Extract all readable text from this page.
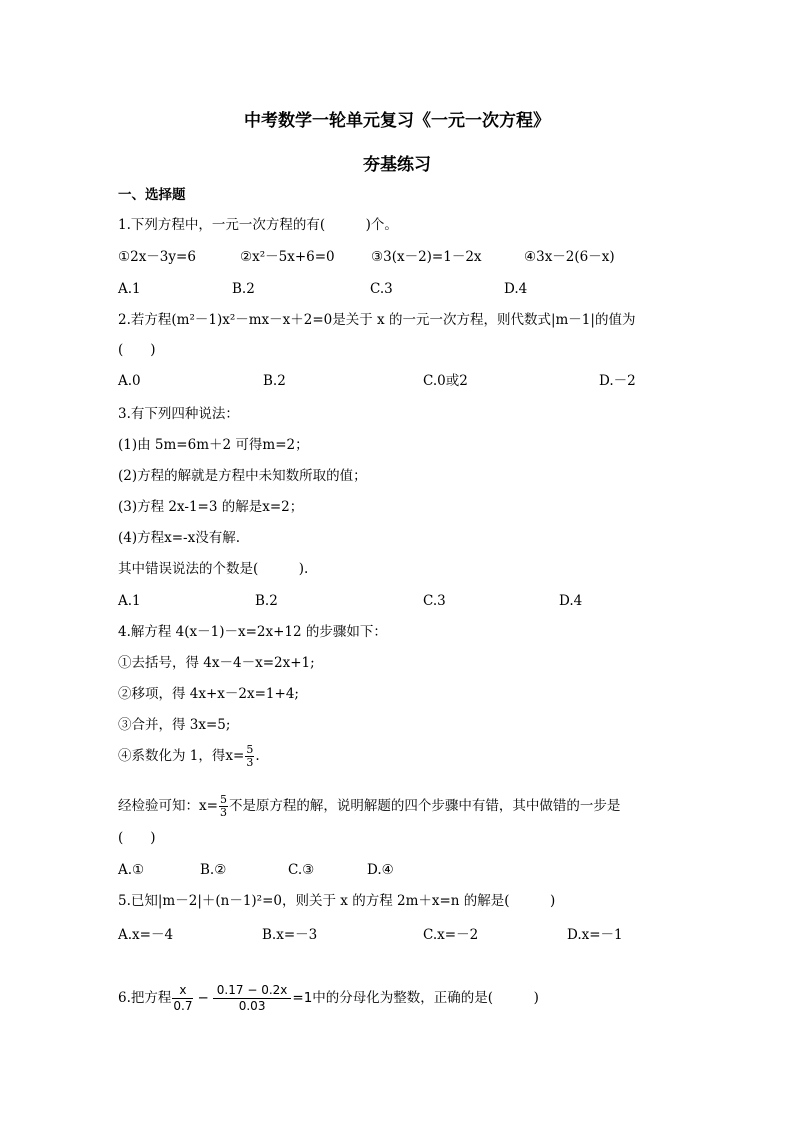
中考数学一轮单元复习《一元一次方程》
夯基练习
一、选择题
1.下列方程中，一元一次方程的有(　　　)个。
①2x－3y=6	②x²－5x+6=0	③3(x－2)=1－2x	④3x－2(6－x)
A.1	B.2	C.3	D.4
2.若方程(m²－1)x²－mx－x＋2=0是关于 x 的一元一次方程，则代数式|m－1|的值为
(　　)
A.0	B.2	C.0或2	D.－2
3.有下列四种说法：
(1)由 5m=6m＋2 可得m=2；
(2)方程的解就是方程中未知数所取的值；
(3)方程 2x-1=3 的解是x=2；
(4)方程x=-x没有解.
其中错误说法的个数是(　　　).
A.1	B.2	C.3	D.4
4.解方程 4(x－1)－x=2x+12 的步骤如下：
①去括号，得 4x－4－x=2x+1;
②移项，得 4x+x－2x=1+4;
③合并，得 3x=5;
④系数化为 1，得$x= \frac{5}{3}$ .
经检验可知：$x= \frac{5}{3}$ 不是原方程的解，说明解题的四个步骤中有错，其中做错的一步是
(　　)
A.①	B.②	C.③	D.④
5.已知|m－2|＋(n－1)²=0，则关于 x 的方程 2m＋x=n 的解是(　　　)
A.x=－4	B.x=－3	C.x=－2	D.x=－1
6.把方程 $\frac{x}{0.7} - \frac{0.17 - 0.2x}{0.03} =1$中的分母化为整数，正确的是(　　　)
